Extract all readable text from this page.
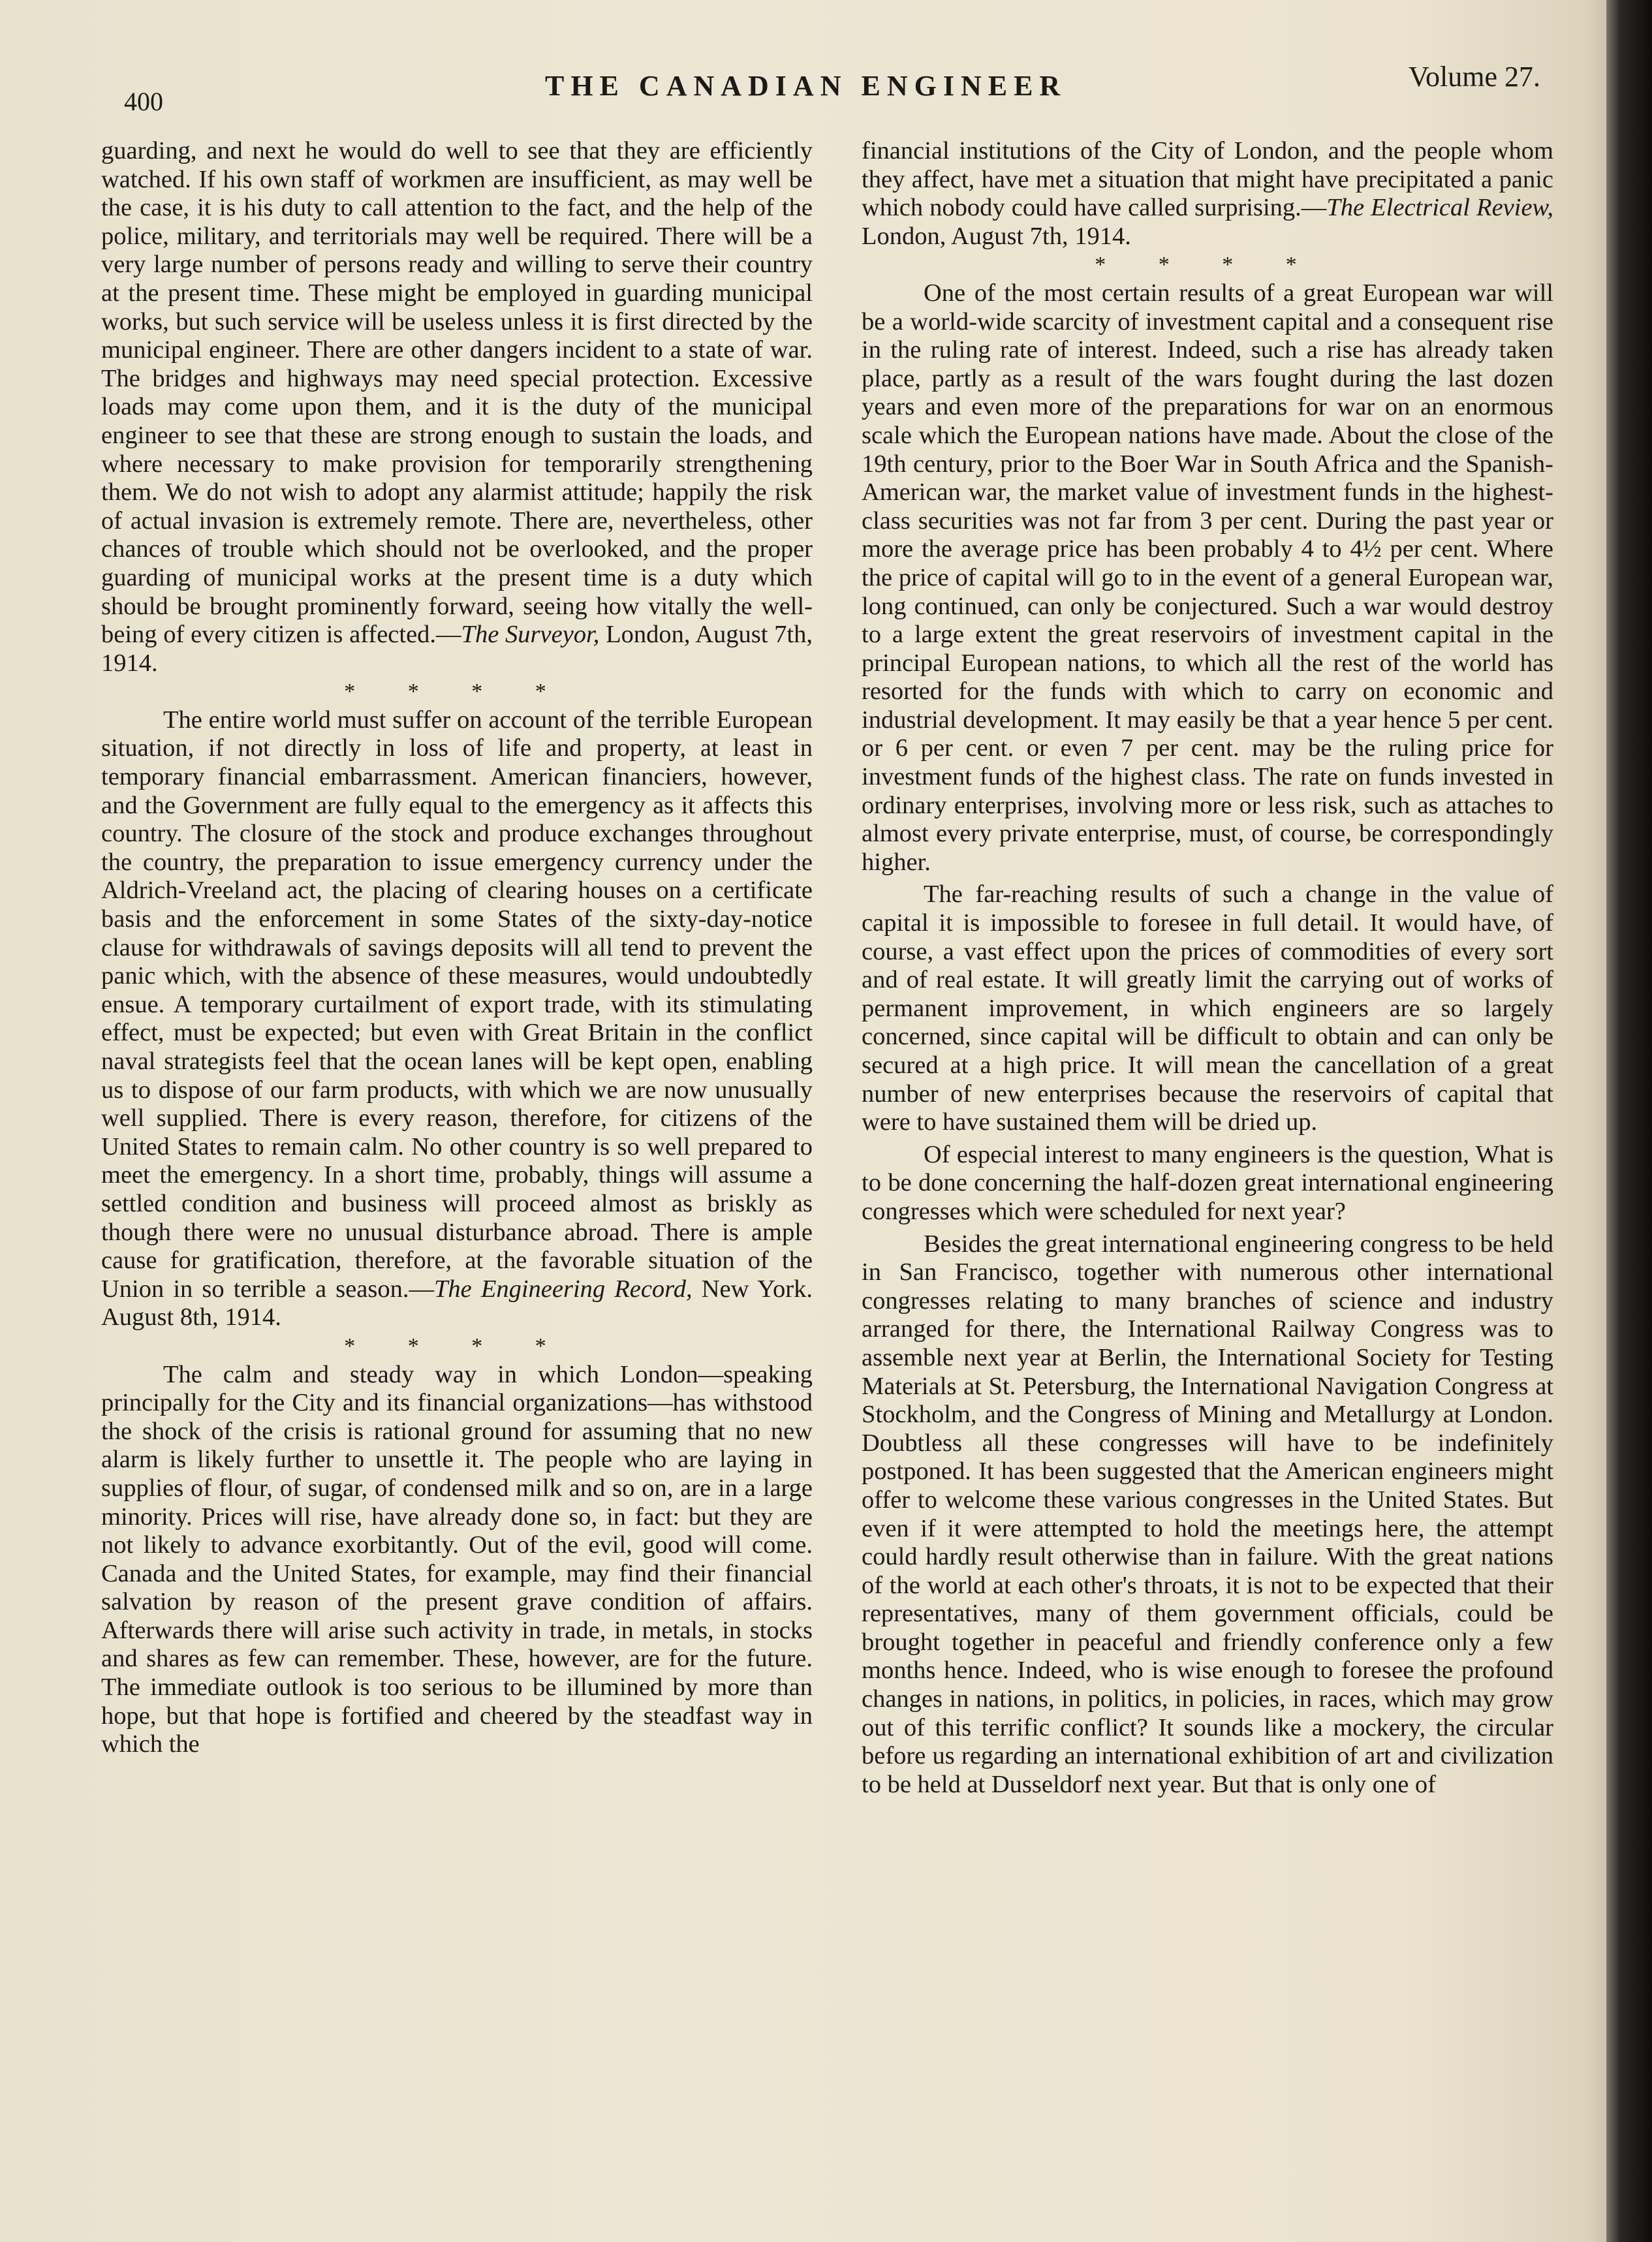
400	THE CANADIAN ENGINEER	Volume 27.

guarding, and next he would do well to see that they are efficiently watched. If his own staff of workmen are insufficient, as may well be the case, it is his duty to call attention to the fact, and the help of the police, military, and territorials may well be required. There will be a very large number of persons ready and willing to serve their country at the present time. These might be employed in guarding municipal works, but such service will be useless unless it is first directed by the municipal engineer. There are other dangers incident to a state of war. The bridges and highways may need special protection. Excessive loads may come upon them, and it is the duty of the municipal engineer to see that these are strong enough to sustain the loads, and where necessary to make provision for temporarily strengthening them. We do not wish to adopt any alarmist attitude; happily the risk of actual invasion is extremely remote. There are, nevertheless, other chances of trouble which should not be overlooked, and the proper guarding of municipal works at the present time is a duty which should be brought prominently forward, seeing how vitally the well-being of every citizen is affected.—The Surveyor, London, August 7th, 1914.

* * * *

The entire world must suffer on account of the terrible European situation, if not directly in loss of life and property, at least in temporary financial embarrassment. American financiers, however, and the Government are fully equal to the emergency as it affects this country. The closure of the stock and produce exchanges throughout the country, the preparation to issue emergency currency under the Aldrich-Vreeland act, the placing of clearing houses on a certificate basis and the enforcement in some States of the sixty-day-notice clause for withdrawals of savings deposits will all tend to prevent the panic which, with the absence of these measures, would undoubtedly ensue. A temporary curtailment of export trade, with its stimulating effect, must be expected; but even with Great Britain in the conflict naval strategists feel that the ocean lanes will be kept open, enabling us to dispose of our farm products, with which we are now unusually well supplied. There is every reason, therefore, for citizens of the United States to remain calm. No other country is so well prepared to meet the emergency. In a short time, probably, things will assume a settled condition and business will proceed almost as briskly as though there were no unusual disturbance abroad. There is ample cause for gratification, therefore, at the favorable situation of the Union in so terrible a season.—The Engineering Record, New York. August 8th, 1914.

* * * *

The calm and steady way in which London—speaking principally for the City and its financial organizations—has withstood the shock of the crisis is rational ground for assuming that no new alarm is likely further to unsettle it. The people who are laying in supplies of flour, of sugar, of condensed milk and so on, are in a large minority. Prices will rise, have already done so, in fact: but they are not likely to advance exorbitantly. Out of the evil, good will come. Canada and the United States, for example, may find their financial salvation by reason of the present grave condition of affairs. Afterwards there will arise such activity in trade, in metals, in stocks and shares as few can remember. These, however, are for the future. The immediate outlook is too serious to be illumined by more than hope, but that hope is fortified and cheered by the steadfast way in which the

financial institutions of the City of London, and the people whom they affect, have met a situation that might have precipitated a panic which nobody could have called surprising.—The Electrical Review, London, August 7th, 1914.

* * * *

One of the most certain results of a great European war will be a world-wide scarcity of investment capital and a consequent rise in the ruling rate of interest. Indeed, such a rise has already taken place, partly as a result of the wars fought during the last dozen years and even more of the preparations for war on an enormous scale which the European nations have made. About the close of the 19th century, prior to the Boer War in South Africa and the Spanish-American war, the market value of investment funds in the highest-class securities was not far from 3 per cent. During the past year or more the average price has been probably 4 to 4½ per cent. Where the price of capital will go to in the event of a general European war, long continued, can only be conjectured. Such a war would destroy to a large extent the great reservoirs of investment capital in the principal European nations, to which all the rest of the world has resorted for the funds with which to carry on economic and industrial development. It may easily be that a year hence 5 per cent. or 6 per cent. or even 7 per cent. may be the ruling price for investment funds of the highest class. The rate on funds invested in ordinary enterprises, involving more or less risk, such as attaches to almost every private enterprise, must, of course, be correspondingly higher.

The far-reaching results of such a change in the value of capital it is impossible to foresee in full detail. It would have, of course, a vast effect upon the prices of commodities of every sort and of real estate. It will greatly limit the carrying out of works of permanent improvement, in which engineers are so largely concerned, since capital will be difficult to obtain and can only be secured at a high price. It will mean the cancellation of a great number of new enterprises because the reservoirs of capital that were to have sustained them will be dried up.

Of especial interest to many engineers is the question, What is to be done concerning the half-dozen great international engineering congresses which were scheduled for next year?

Besides the great international engineering congress to be held in San Francisco, together with numerous other international congresses relating to many branches of science and industry arranged for there, the International Railway Congress was to assemble next year at Berlin, the International Society for Testing Materials at St. Petersburg, the International Navigation Congress at Stockholm, and the Congress of Mining and Metallurgy at London. Doubtless all these congresses will have to be indefinitely postponed. It has been suggested that the American engineers might offer to welcome these various congresses in the United States. But even if it were attempted to hold the meetings here, the attempt could hardly result otherwise than in failure. With the great nations of the world at each other's throats, it is not to be expected that their representatives, many of them government officials, could be brought together in peaceful and friendly conference only a few months hence. Indeed, who is wise enough to foresee the profound changes in nations, in politics, in policies, in races, which may grow out of this terrific conflict? It sounds like a mockery, the circular before us regarding an international exhibition of art and civilization to be held at Dusseldorf next year. But that is only one of
